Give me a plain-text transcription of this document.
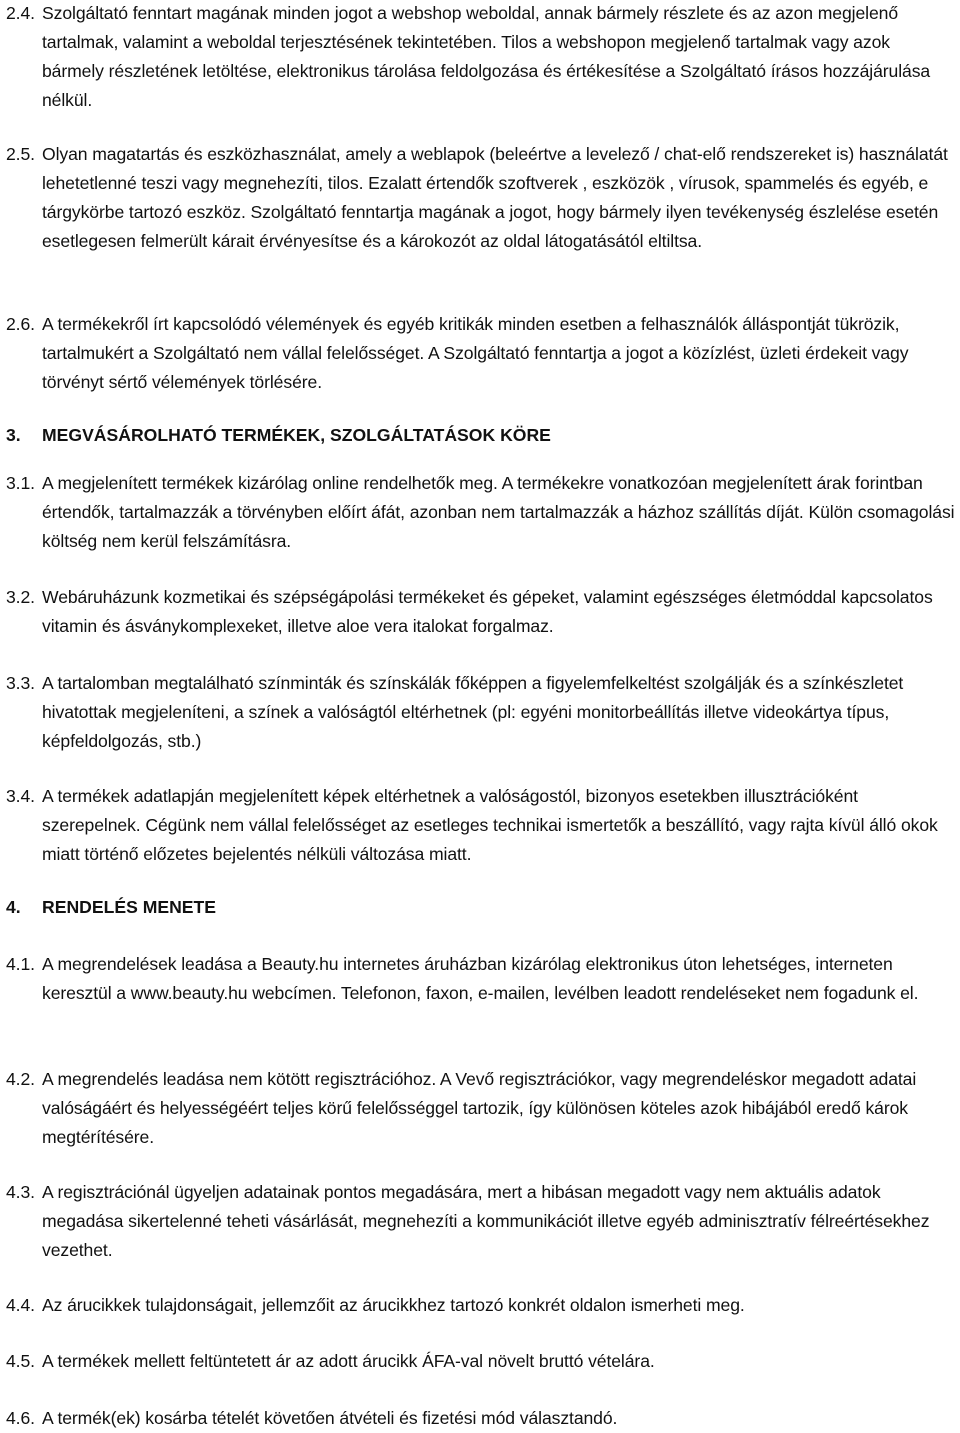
2.4. Szolgáltató fenntart magának minden jogot a webshop weboldal, annak bármely részlete és az azon megjelenő tartalmak, valamint a weboldal terjesztésének tekintetében. Tilos a webshopon megjelenő tartalmak vagy azok bármely részletének letöltése, elektronikus tárolása feldolgozása és értékesítése a Szolgáltató írásos hozzájárulása nélkül.
2.5. Olyan magatartás és eszközhasználat, amely a weblapok (beleértve a levelező / chat-elő rendszereket is) használatát lehetetlenné teszi vagy megnehezíti, tilos. Ezalatt értendők szoftverek , eszközök , vírusok, spammelés és egyéb, e tárgykörbe tartozó eszköz. Szolgáltató fenntartja magának a jogot, hogy bármely ilyen tevékenység észlelése esetén esetlegesen felmerült kárait érvényesítse és a károkozót az oldal látogatásától eltiltsa.
2.6. A termékekről írt kapcsolódó vélemények és egyéb kritikák minden esetben a felhasználók álláspontját tükrözik, tartalmukért a Szolgáltató nem vállal felelősséget. A Szolgáltató fenntartja a jogot a közízlést, üzleti érdekeit vagy törvényt sértő vélemények törlésére.
3. MEGVÁSÁROLHATÓ TERMÉKEK, SZOLGÁLTATÁSOK KÖRE
3.1. A megjelenített termékek kizárólag online rendelhetők meg. A termékekre vonatkozóan megjelenített árak forintban értendők, tartalmazzák a törvényben előírt áfát, azonban nem tartalmazzák a házhoz szállítás díját. Külön csomagolási költség nem kerül felszámításra.
3.2. Webáruházunk kozmetikai és szépségápolási termékeket és gépeket, valamint egészséges életmóddal kapcsolatos vitamin és ásványkomplexeket, illetve aloe vera italokat forgalmaz.
3.3. A tartalomban megtalálható színminták és színskálák főképpen a figyelemfelkeltést szolgálják és a színkészletet hivatottak megjeleníteni, a színek a valóságtól eltérhetnek (pl: egyéni monitorbeállítás illetve videokártya típus, képfeldolgozás, stb.)
3.4. A termékek adatlapján megjelenített képek eltérhetnek a valóságostól, bizonyos esetekben illusztrációként szerepelnek. Cégünk nem vállal felelősséget az esetleges technikai ismertetők a beszállító, vagy rajta kívül álló okok miatt történő előzetes bejelentés nélküli változása miatt.
4. RENDELÉS MENETE
4.1. A megrendelések leadása a Beauty.hu internetes áruházban kizárólag elektronikus úton lehetséges, interneten keresztül a www.beauty.hu webcímen. Telefonon, faxon, e-mailen, levélben leadott rendeléseket nem fogadunk el.
4.2. A megrendelés leadása nem kötött regisztrációhoz. A Vevő regisztrációkor, vagy megrendeléskor megadott adatai valóságáért és helyességéért teljes körű felelősséggel tartozik, így különösen köteles azok hibájából eredő károk megtérítésére.
4.3. A regisztrációnál ügyeljen adatainak pontos megadására, mert a hibásan megadott vagy nem aktuális adatok megadása sikertelenné teheti vásárlását, megnehezíti a kommunikációt illetve egyéb adminisztratív félreértésekhez vezethet.
4.4. Az árucikkek tulajdonságait, jellemzőit az árucikkhez tartozó konkrét oldalon ismerheti meg.
4.5. A termékek mellett feltüntetett ár az adott árucikk ÁFA-val növelt bruttó vételára.
4.6. A termék(ek) kosárba tételét követően átvételi és fizetési mód választandó.
